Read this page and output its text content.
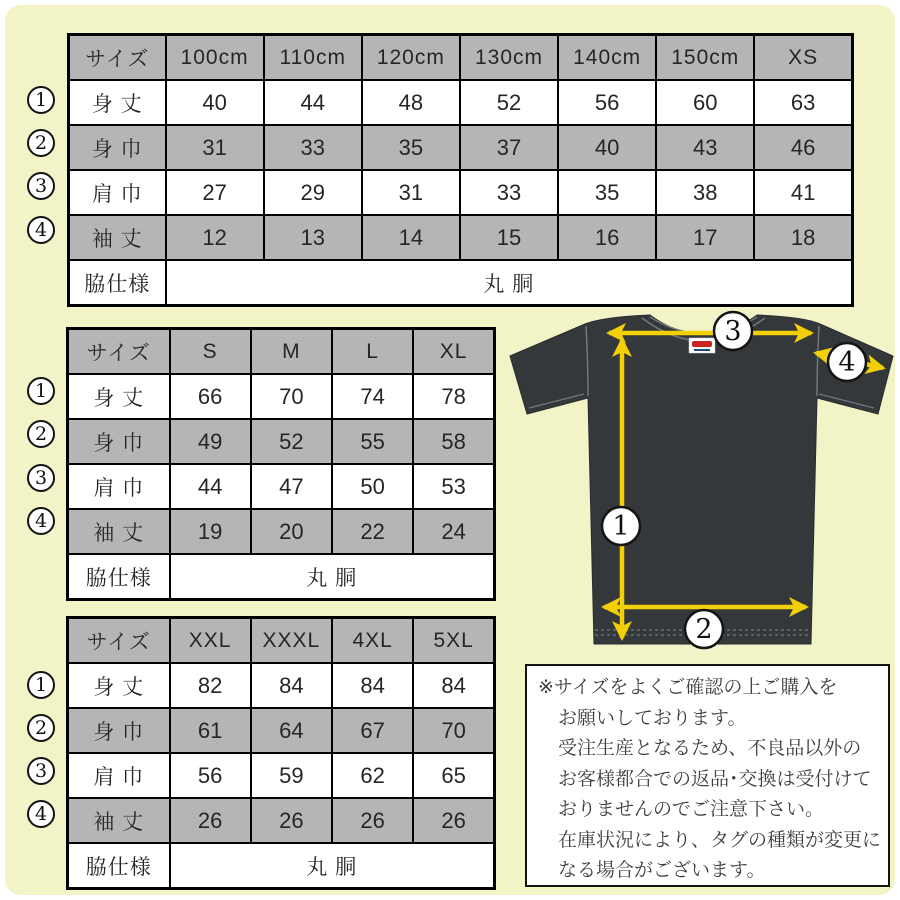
サイズ	100cm	110cm	120cm	130cm	140cm	150cm	XS
身 丈	40	44	48	52	56	60	63
身 巾	31	33	35	37	40	43	46
肩 巾	27	29	31	33	35	38	41
袖 丈	12	13	14	15	16	17	18
脇仕様	丸 胴						
1
2
3
4
サイズ	S	M	L	XL
身 丈	66	70	74	78
身 巾	49	52	55	58
肩 巾	44	47	50	53
袖 丈	19	20	22	24
脇仕様	丸 胴			
1
2
3
4
サイズ	XXL	XXXL	4XL	5XL
身 丈	82	84	84	84
身 巾	61	64	67	70
肩 巾	56	59	62	65
袖 丈	26	26	26	26
脇仕様	丸 胴			
1
2
3
4
3
4
1
2
※サイズをよくご確認の上ご購入を
お願いしております。
受注生産となるため、不良品以外の
お客様都合での返品･交換は受付けて
おりませんのでご注意下さい。
在庫状況により、タグの種類が変更に
なる場合がございます。
